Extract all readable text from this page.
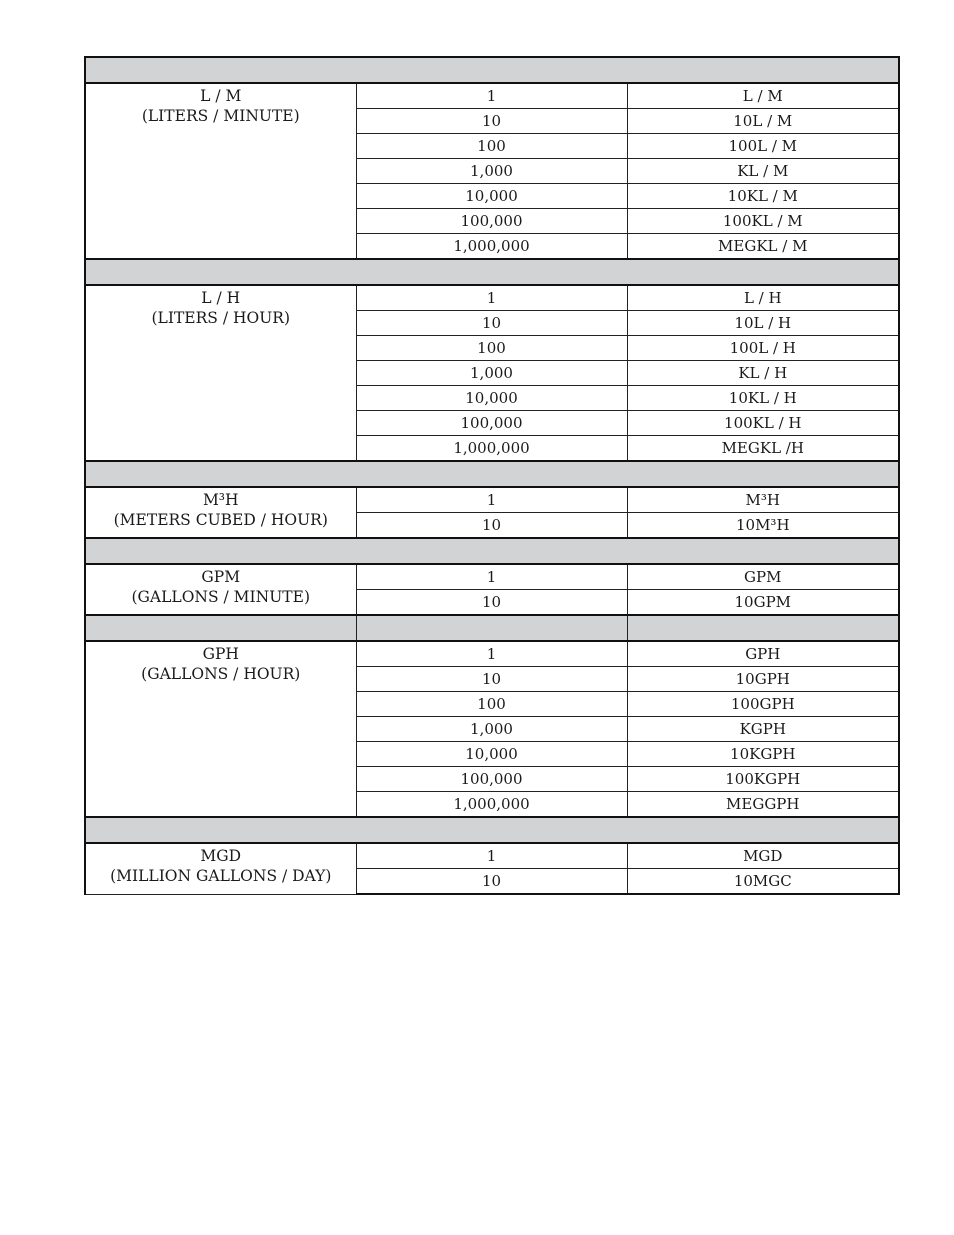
L / M
(LITERS / MINUTE)	1	L / M
	10	10L / M
	100	100L / M
	1,000	KL / M
	10,000	10KL / M
	100,000	100KL / M
	1,000,000	MEGKL / M

L / H
(LITERS / HOUR)	1	L / H
	10	10L / H
	100	100L / H
	1,000	KL / H
	10,000	10KL / H
	100,000	100KL / H
	1,000,000	MEGKL /H

M³H
(METERS CUBED / HOUR)	1	M³H
	10	10M³H

GPM
(GALLONS / MINUTE)	1	GPM
	10	10GPM

GPH
(GALLONS / HOUR)	1	GPH
	10	10GPH
	100	100GPH
	1,000	KGPH
	10,000	10KGPH
	100,000	100KGPH
	1,000,000	MEGGPH

MGD
(MILLION GALLONS / DAY)	1	MGD
	10	10MGC
